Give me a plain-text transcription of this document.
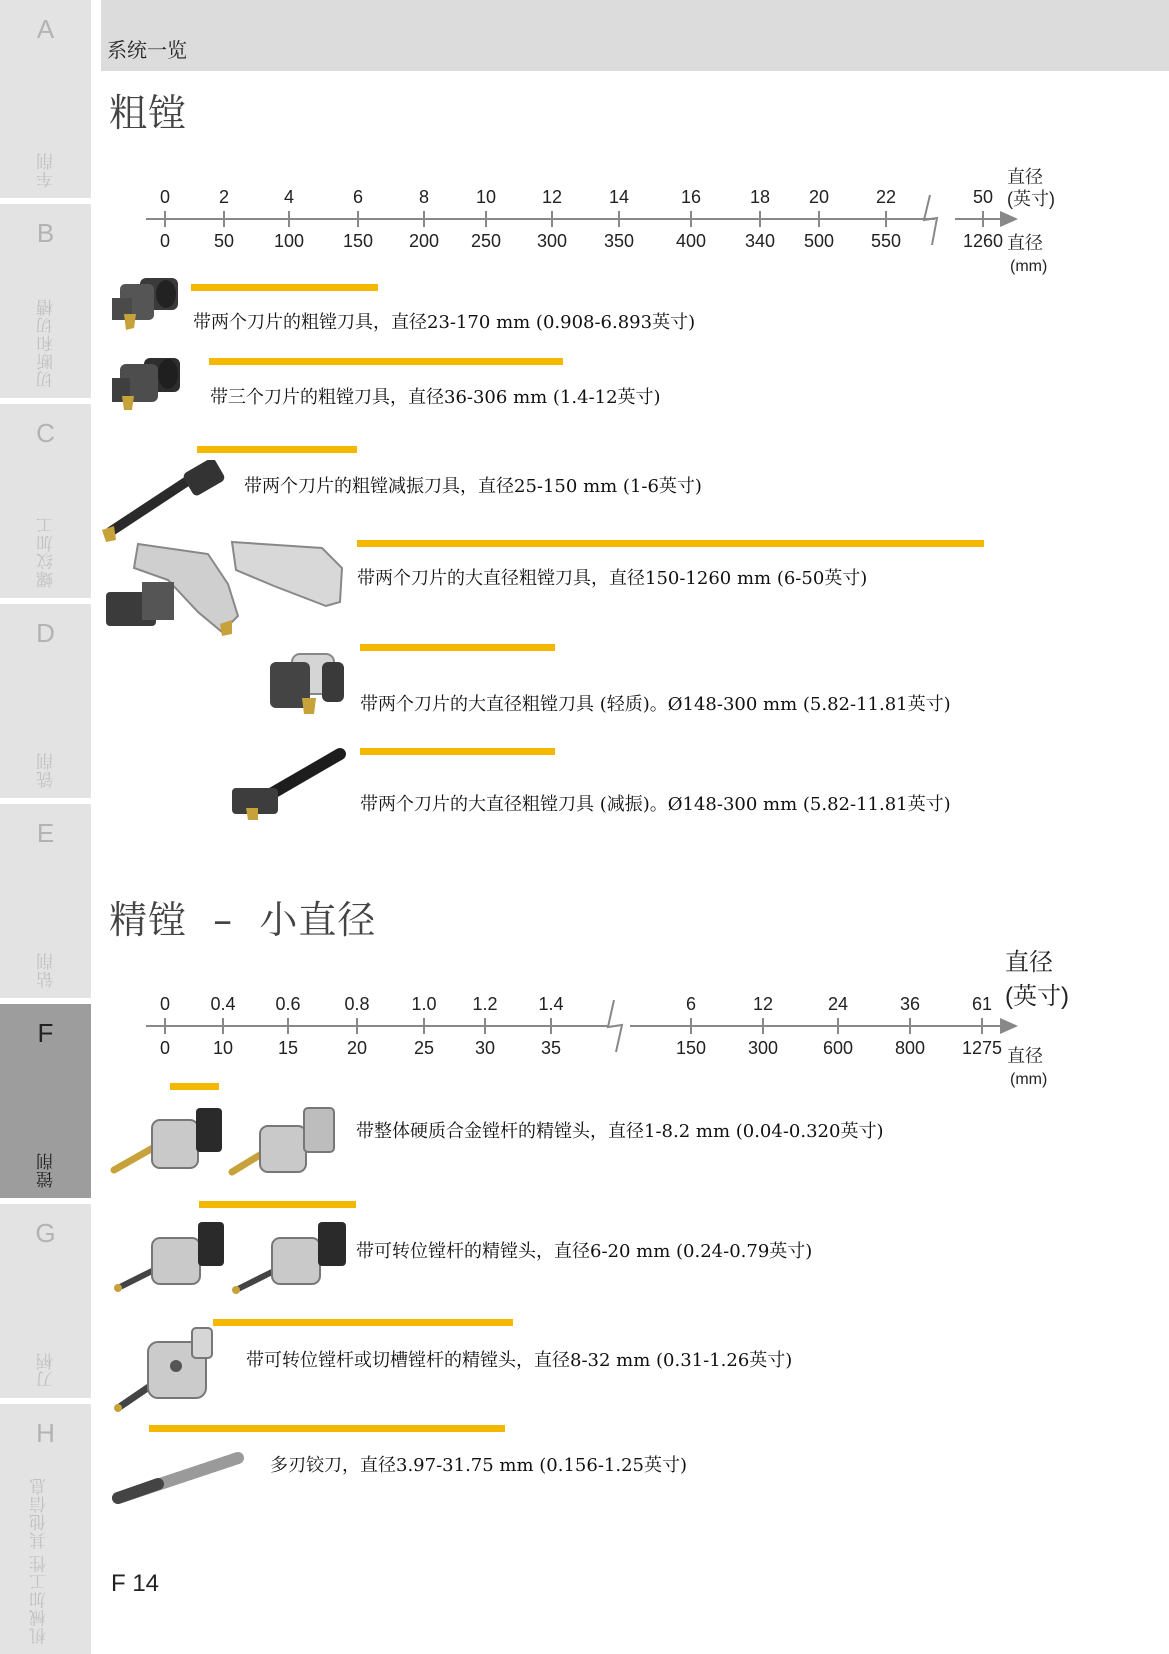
A
车削
B
切断和切槽
C
螺纹加工
D
铣削
E
钻削
F
镗削
G
刀柄
H
机械加工性 其他信息
系统一览
粗镗
0
0
2
50
4
100
6
150
8
200
10
250
12
300
14
350
16
400
18
340
20
500
22
550
50
1260
直径
(英寸)
直径
(mm)
带两个刀片的粗镗刀具，直径23-170 mm (0.908-6.893英寸)
带三个刀片的粗镗刀具，直径36-306 mm (1.4-12英寸)
带两个刀片的粗镗减振刀具，直径25-150 mm (1-6英寸)
带两个刀片的大直径粗镗刀具，直径150-1260 mm (6-50英寸)
带两个刀片的大直径粗镗刀具 (轻质)。Ø148-300 mm (5.82-11.81英寸)
带两个刀片的大直径粗镗刀具 (减振)。Ø148-300 mm (5.82-11.81英寸)
精镗  –  小直径
0
0
0.4
10
0.6
15
0.8
20
1.0
25
1.2
30
1.4
35
6
150
12
300
24
600
36
800
61
1275
直径
(英寸)
直径
(mm)
带整体硬质合金镗杆的精镗头，直径1-8.2 mm (0.04-0.320英寸)
带可转位镗杆的精镗头，直径6-20 mm (0.24-0.79英寸)
带可转位镗杆或切槽镗杆的精镗头，直径8-32 mm (0.31-1.26英寸)
多刃铰刀，直径3.97-31.75 mm (0.156-1.25英寸)
F 14
